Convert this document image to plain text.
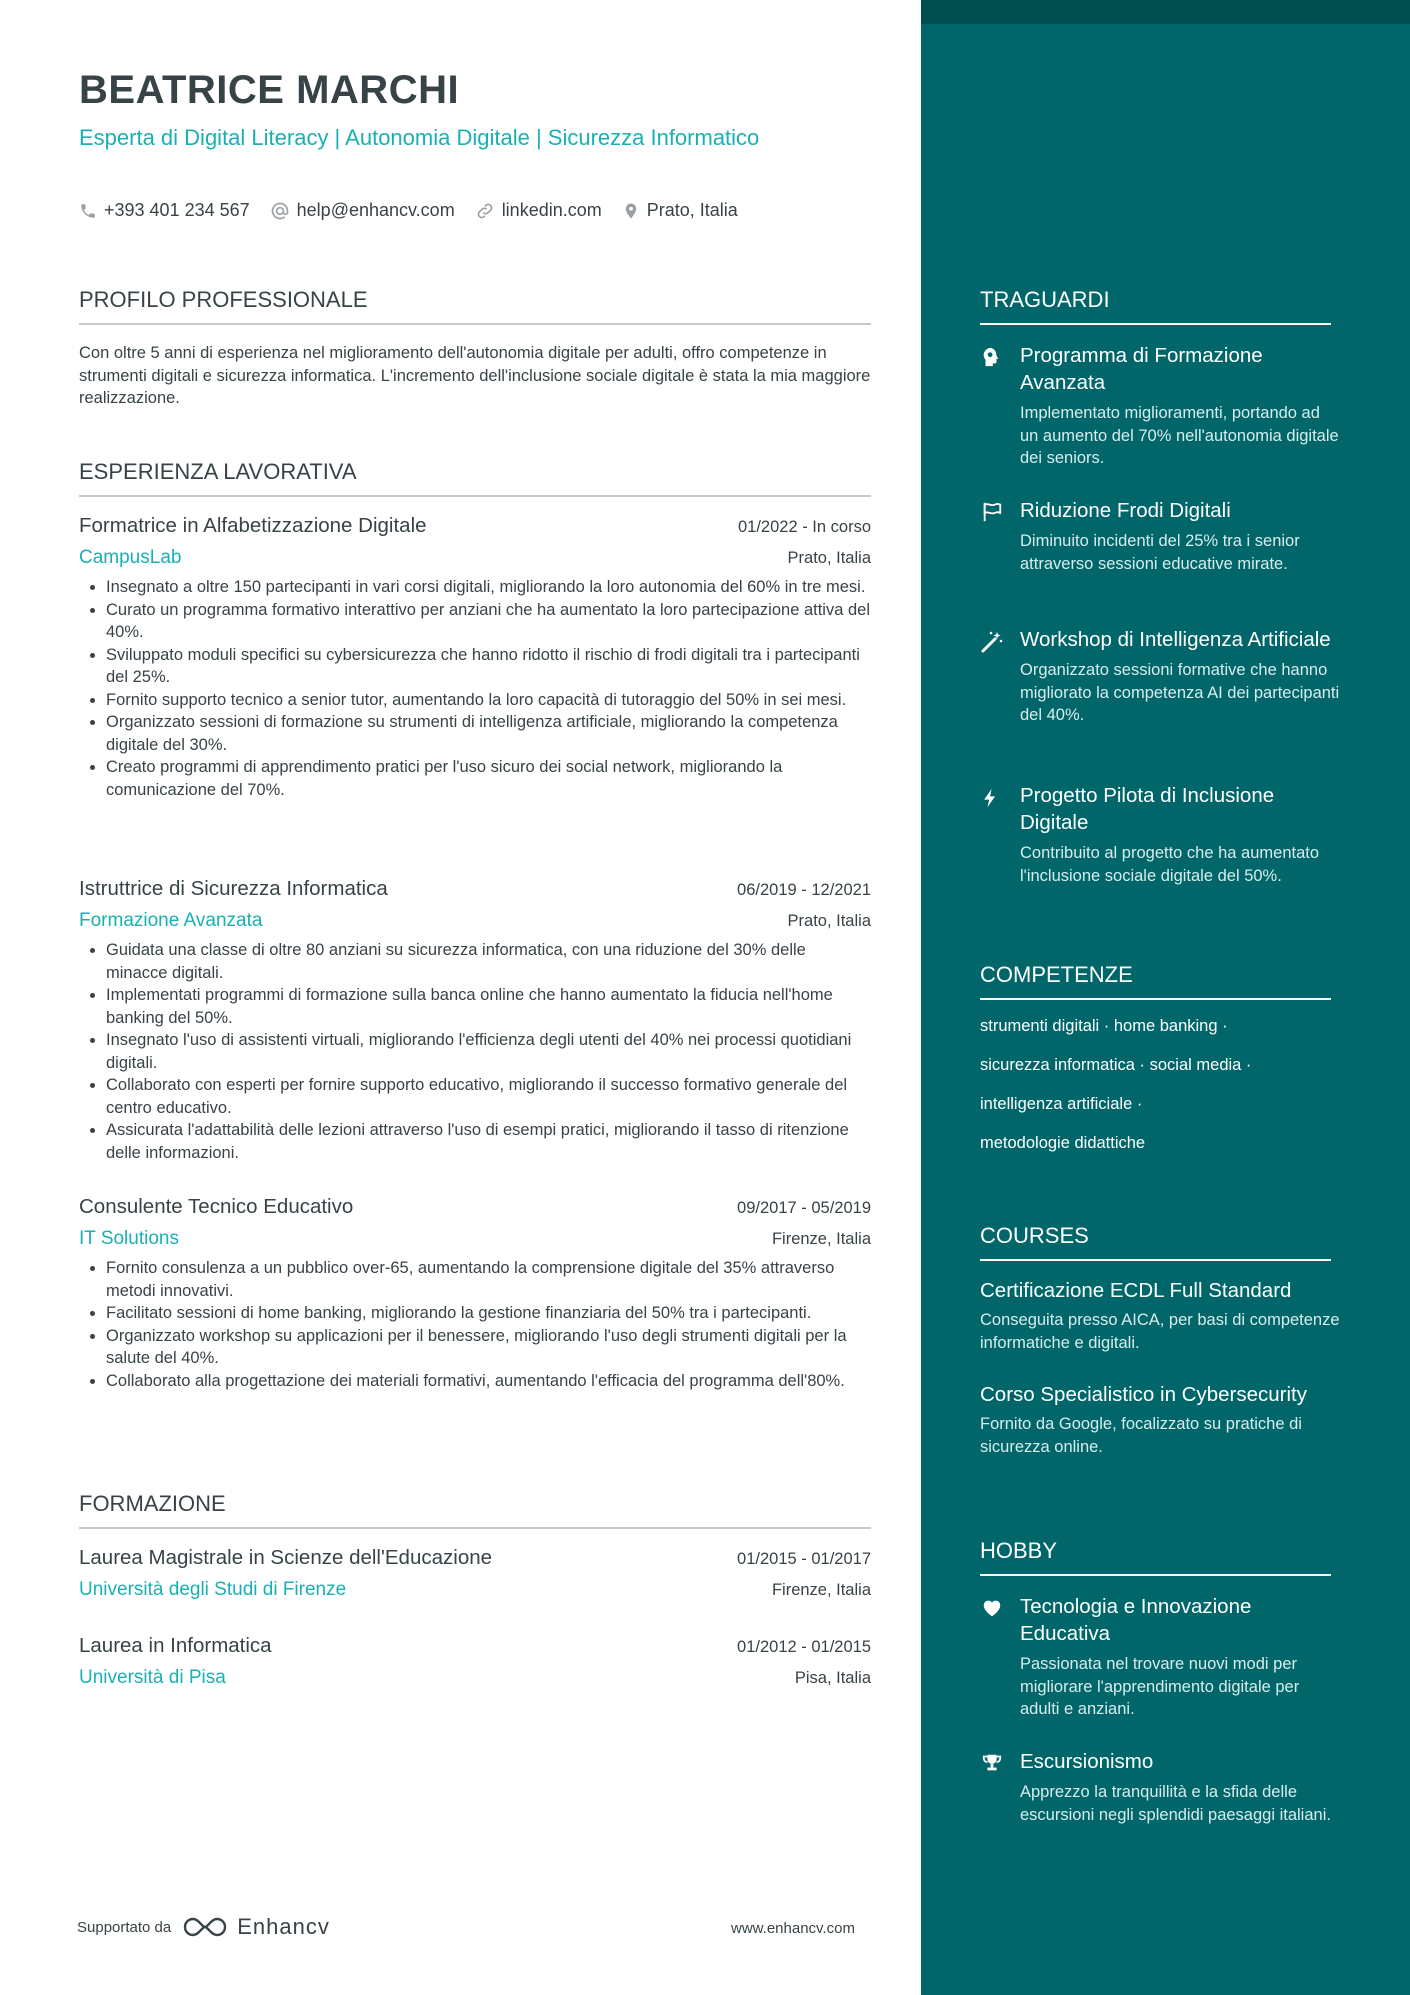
BEATRICE MARCHI
Esperta di Digital Literacy | Autonomia Digitale | Sicurezza Informatico
+393 401 234 567	help@enhancv.com	linkedin.com	Prato, Italia
PROFILO PROFESSIONALE
Con oltre 5 anni di esperienza nel miglioramento dell'autonomia digitale per adulti, offro competenze in strumenti digitali e sicurezza informatica. L'incremento dell'inclusione sociale digitale è stata la mia maggiore realizzazione.
ESPERIENZA LAVORATIVA
Formatrice in Alfabetizzazione Digitale	01/2022 - In corso
CampusLab	Prato, Italia
• Insegnato a oltre 150 partecipanti in vari corsi digitali, migliorando la loro autonomia del 60% in tre mesi.
• Curato un programma formativo interattivo per anziani che ha aumentato la loro partecipazione attiva del 40%.
• Sviluppato moduli specifici su cybersicurezza che hanno ridotto il rischio di frodi digitali tra i partecipanti del 25%.
• Fornito supporto tecnico a senior tutor, aumentando la loro capacità di tutoraggio del 50% in sei mesi.
• Organizzato sessioni di formazione su strumenti di intelligenza artificiale, migliorando la competenza digitale del 30%.
• Creato programmi di apprendimento pratici per l'uso sicuro dei social network, migliorando la comunicazione del 70%.
Istruttrice di Sicurezza Informatica	06/2019 - 12/2021
Formazione Avanzata	Prato, Italia
• Guidata una classe di oltre 80 anziani su sicurezza informatica, con una riduzione del 30% delle minacce digitali.
• Implementati programmi di formazione sulla banca online che hanno aumentato la fiducia nell'home banking del 50%.
• Insegnato l'uso di assistenti virtuali, migliorando l'efficienza degli utenti del 40% nei processi quotidiani digitali.
• Collaborato con esperti per fornire supporto educativo, migliorando il successo formativo generale del centro educativo.
• Assicurata l'adattabilità delle lezioni attraverso l'uso di esempi pratici, migliorando il tasso di ritenzione delle informazioni.
Consulente Tecnico Educativo	09/2017 - 05/2019
IT Solutions	Firenze, Italia
• Fornito consulenza a un pubblico over-65, aumentando la comprensione digitale del 35% attraverso metodi innovativi.
• Facilitato sessioni di home banking, migliorando la gestione finanziaria del 50% tra i partecipanti.
• Organizzato workshop su applicazioni per il benessere, migliorando l'uso degli strumenti digitali per la salute del 40%.
• Collaborato alla progettazione dei materiali formativi, aumentando l'efficacia del programma dell'80%.
FORMAZIONE
Laurea Magistrale in Scienze dell'Educazione	01/2015 - 01/2017
Università degli Studi di Firenze	Firenze, Italia
Laurea in Informatica	01/2012 - 01/2015
Università di Pisa	Pisa, Italia
Supportato da	Enhancv	www.enhancv.com
TRAGUARDI
Programma di Formazione Avanzata
Implementato miglioramenti, portando ad un aumento del 70% nell'autonomia digitale dei seniors.
Riduzione Frodi Digitali
Diminuito incidenti del 25% tra i senior attraverso sessioni educative mirate.
Workshop di Intelligenza Artificiale
Organizzato sessioni formative che hanno migliorato la competenza AI dei partecipanti del 40%.
Progetto Pilota di Inclusione Digitale
Contribuito al progetto che ha aumentato l'inclusione sociale digitale del 50%.
COMPETENZE
strumenti digitali · home banking ·
sicurezza informatica · social media ·
intelligenza artificiale ·
metodologie didattiche
COURSES
Certificazione ECDL Full Standard
Conseguita presso AICA, per basi di competenze informatiche e digitali.
Corso Specialistico in Cybersecurity
Fornito da Google, focalizzato su pratiche di sicurezza online.
HOBBY
Tecnologia e Innovazione Educativa
Passionata nel trovare nuovi modi per migliorare l'apprendimento digitale per adulti e anziani.
Escursionismo
Apprezzo la tranquillità e la sfida delle escursioni negli splendidi paesaggi italiani.
